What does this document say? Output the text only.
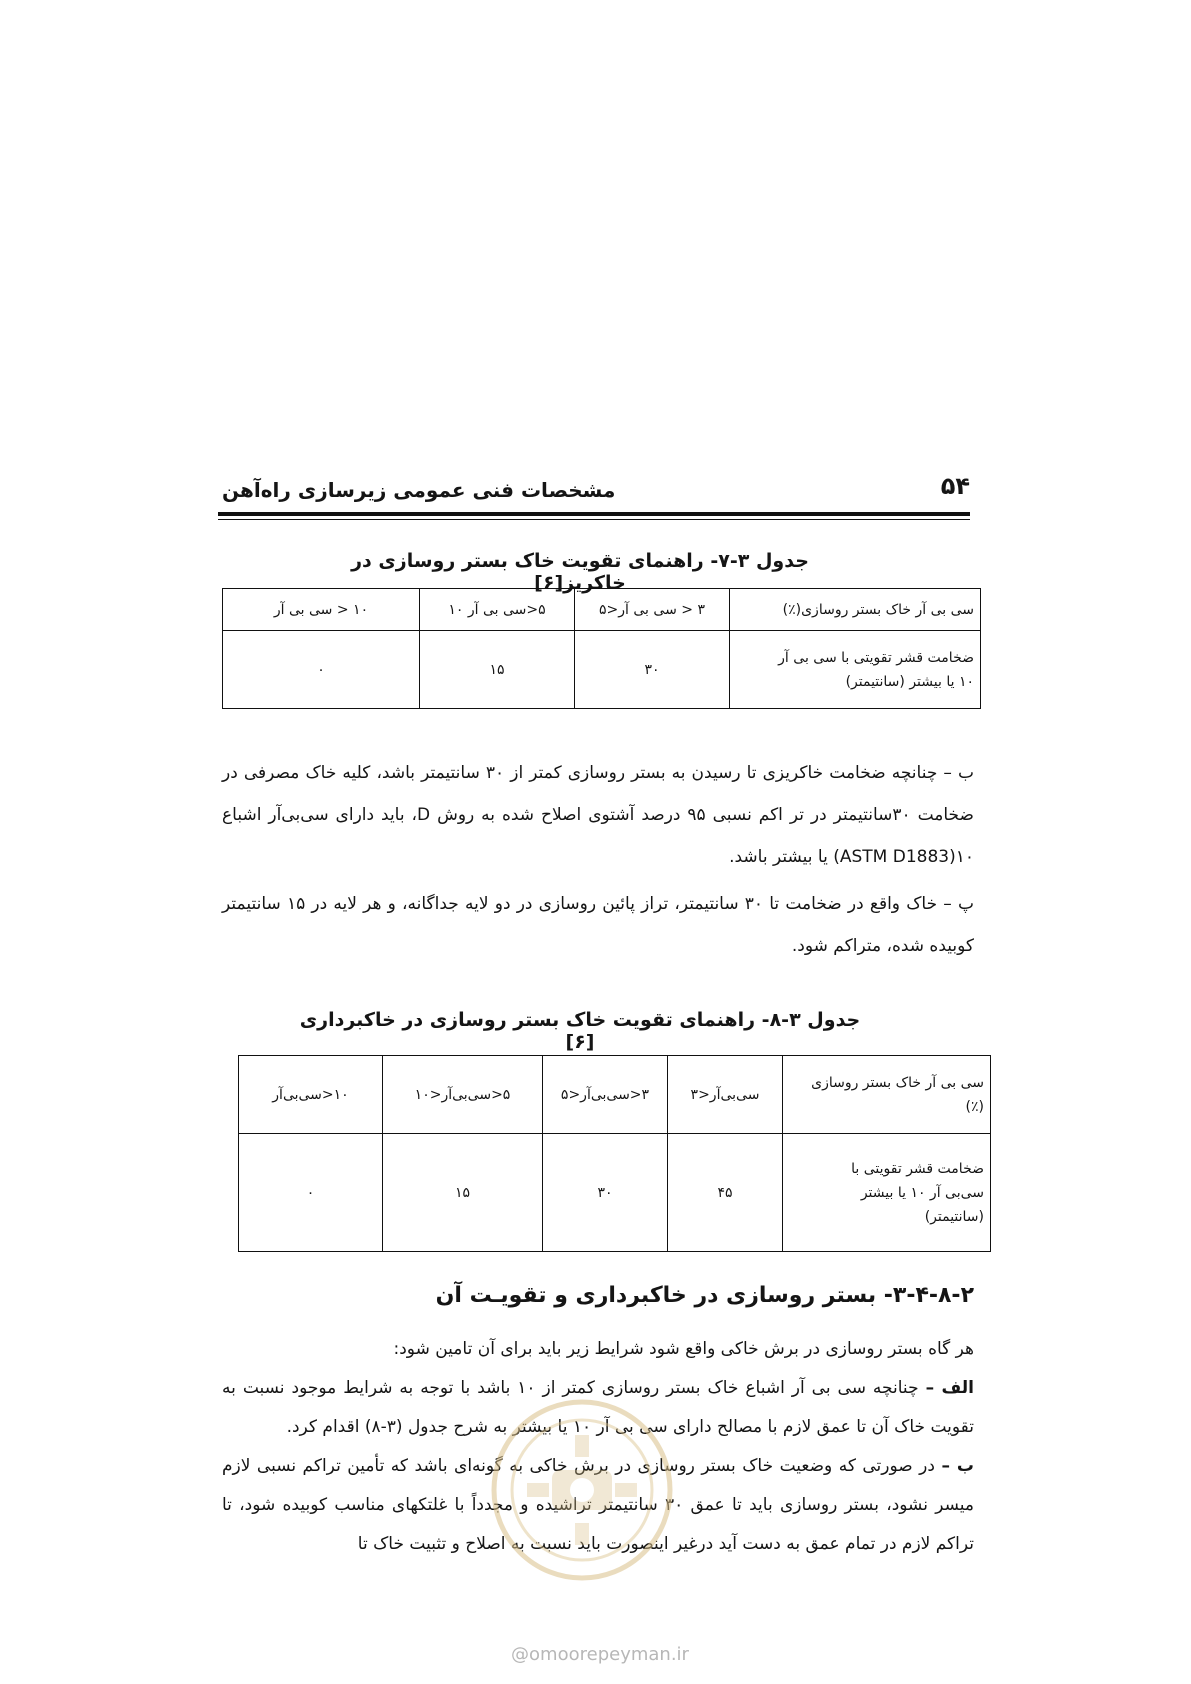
۵۴
مشخصات فنی عمومی زیرسازی راه‌آهن
جدول ۳-۷- راهنمای تقویت خاک بستر روسازی در خاکریز[۶]
سی بی آر خاک بستر روسازی(٪)	۳ < سی بی آر<۵	۵<سی بی آر ۱۰	۱۰ < سی بی آر

ضخامت قشر تقویتی با سی بی آر
۱۰ یا بیشتر (سانتیمتر)	۳۰	۱۵	۰
ب – چنانچه ضخامت خاکریزی تا رسیدن به بستر روسازی کمتر از ۳۰ سانتیمتر باشد، کلیه خاک مصرفی در ضخامت ۳۰سانتیمتر در تر اکم نسبی ۹۵ درصد آشتوی اصلاح شده به روش D، باید دارای سی‌بی‌آر اشباع ۱۰(ASTM D1883) یا بیشتر باشد.
پ – خاک واقع در ضخامت تا ۳۰ سانتیمتر، تراز پائین روسازی در دو لایه جداگانه، و هر لایه در ۱۵ سانتیمتر کوبیده شده، متراکم شود.
جدول ۳-۸- راهنمای تقویت خاک بستر روسازی در خاکبرداری [۶]
سی بی آر خاک بستر روسازی (٪)	سی‌بی‌آر<۳	۳<سی‌بی‌آر<۵	۵<سی‌بی‌آر<۱۰	۱۰<سی‌بی‌آر

ضخامت قشر تقویتی با
سی‌بی آر ۱۰ یا بیشتر
(سانتیمتر)	۴۵	۳۰	۱۵	۰
۳-۴-۸-۲- بستر روسازی در خاکبرداری و تقویـت آن
هر گاه بستر روسازی در برش خاکی واقع شود شرایط زیر باید برای آن تامین شود:
الف – چنانچه سی بی آر اشباع خاک بستر روسازی کمتر از ۱۰ باشد با توجه به شرایط موجود نسبت به تقویت خاک آن تا عمق لازم با مصالح دارای سی بی آر ۱۰ یا بیشتر به شرح جدول (۳-۸) اقدام کرد.
ب – در صورتی که وضعیت خاک بستر روسازی در برش خاکی به گونه‌ای باشد که تأمین تراکم نسبی لازم میسر نشود، بستر روسازی باید تا عمق ۳۰ سانتیمتر تراشیده و مجدداً با غلتکهای مناسب کوبیده شود، تا تراکم لازم در تمام عمق به دست آید درغیر اینصورت باید نسبت به اصلاح و تثبیت خاک تا
@omoorepeyman.ir
